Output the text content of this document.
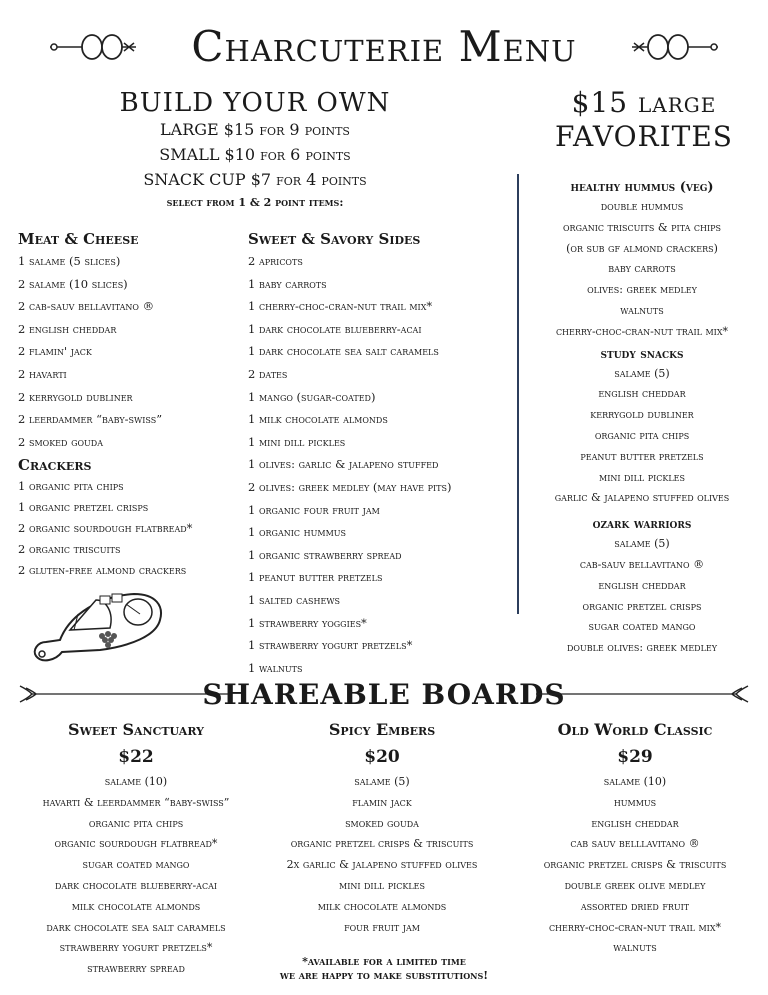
Charcuterie Menu
BUILD YOUR OWN
LARGE $15 for 9 points
SMALL $10 for 6 points
SNACK CUP $7 for 4 points
select from 1 & 2 point items:
$15 large
FAVORITES
Meat & Cheese
1 salame (5 slices)
2 salame (10 slices)
2 cab-sauv bellavitano ®
2 english cheddar
2 flamin' jack
2 havarti
2 kerrygold dubliner
2 leerdammer “baby-swiss”
2 smoked gouda
Crackers
1 organic pita chips
1 organic pretzel crisps
2 organic sourdough flatbread*
2 organic triscuits
2 gluten-free almond crackers
Sweet & Savory Sides
2 apricots
1 baby carrots
1 cherry-choc-cran-nut trail mix*
1 dark chocolate blueberry-acai
1 dark chocolate sea salt caramels
2 dates
1 mango (sugar-coated)
1 milk chocolate almonds
1 mini dill pickles
1 olives: garlic & jalapeno stuffed
2 olives: greek medley (may have pits)
1 organic four fruit jam
1 organic hummus
1 organic strawberry spread
1 peanut butter pretzels
1 salted cashews
1 strawberry yoggies*
1 strawberry yogurt pretzels*
1 walnuts
healthy hummus (veg)
double hummus
organic triscuits & pita chips
(or sub gf almond crackers)
baby carrots
olives: greek medley
walnuts
cherry-choc-cran-nut trail mix*
study snacks
salame (5)
english cheddar
kerrygold dubliner
organic pita chips
peanut butter pretzels
mini dill pickles
garlic & jalapeno stuffed olives
ozark warriors
salame (5)
cab-sauv bellavitano ®
english cheddar
organic pretzel crisps
sugar coated mango
double olives: greek medley
SHAREABLE BOARDS
Sweet Sanctuary
$22
salame (10)
havarti & leerdammer “baby-swiss”
organic pita chips
organic sourdough flatbread*
sugar coated mango
dark chocolate blueberry-acai
milk chocolate almonds
dark chocolate sea salt caramels
strawberry yogurt pretzels*
strawberry spread
Spicy Embers
$20
salame (5)
flamin jack
smoked gouda
organic pretzel crisps & triscuits
2x garlic & jalapeno stuffed olives
mini dill pickles
milk chocolate almonds
four fruit jam
Old World Classic
$29
salame (10)
hummus
english cheddar
cab sauv belllavitano ®
organic pretzel crisps & triscuits
double greek olive medley
assorted dried fruit
cherry-choc-cran-nut trail mix*
walnuts
*available for a limited time
we are happy to make substitutions!
